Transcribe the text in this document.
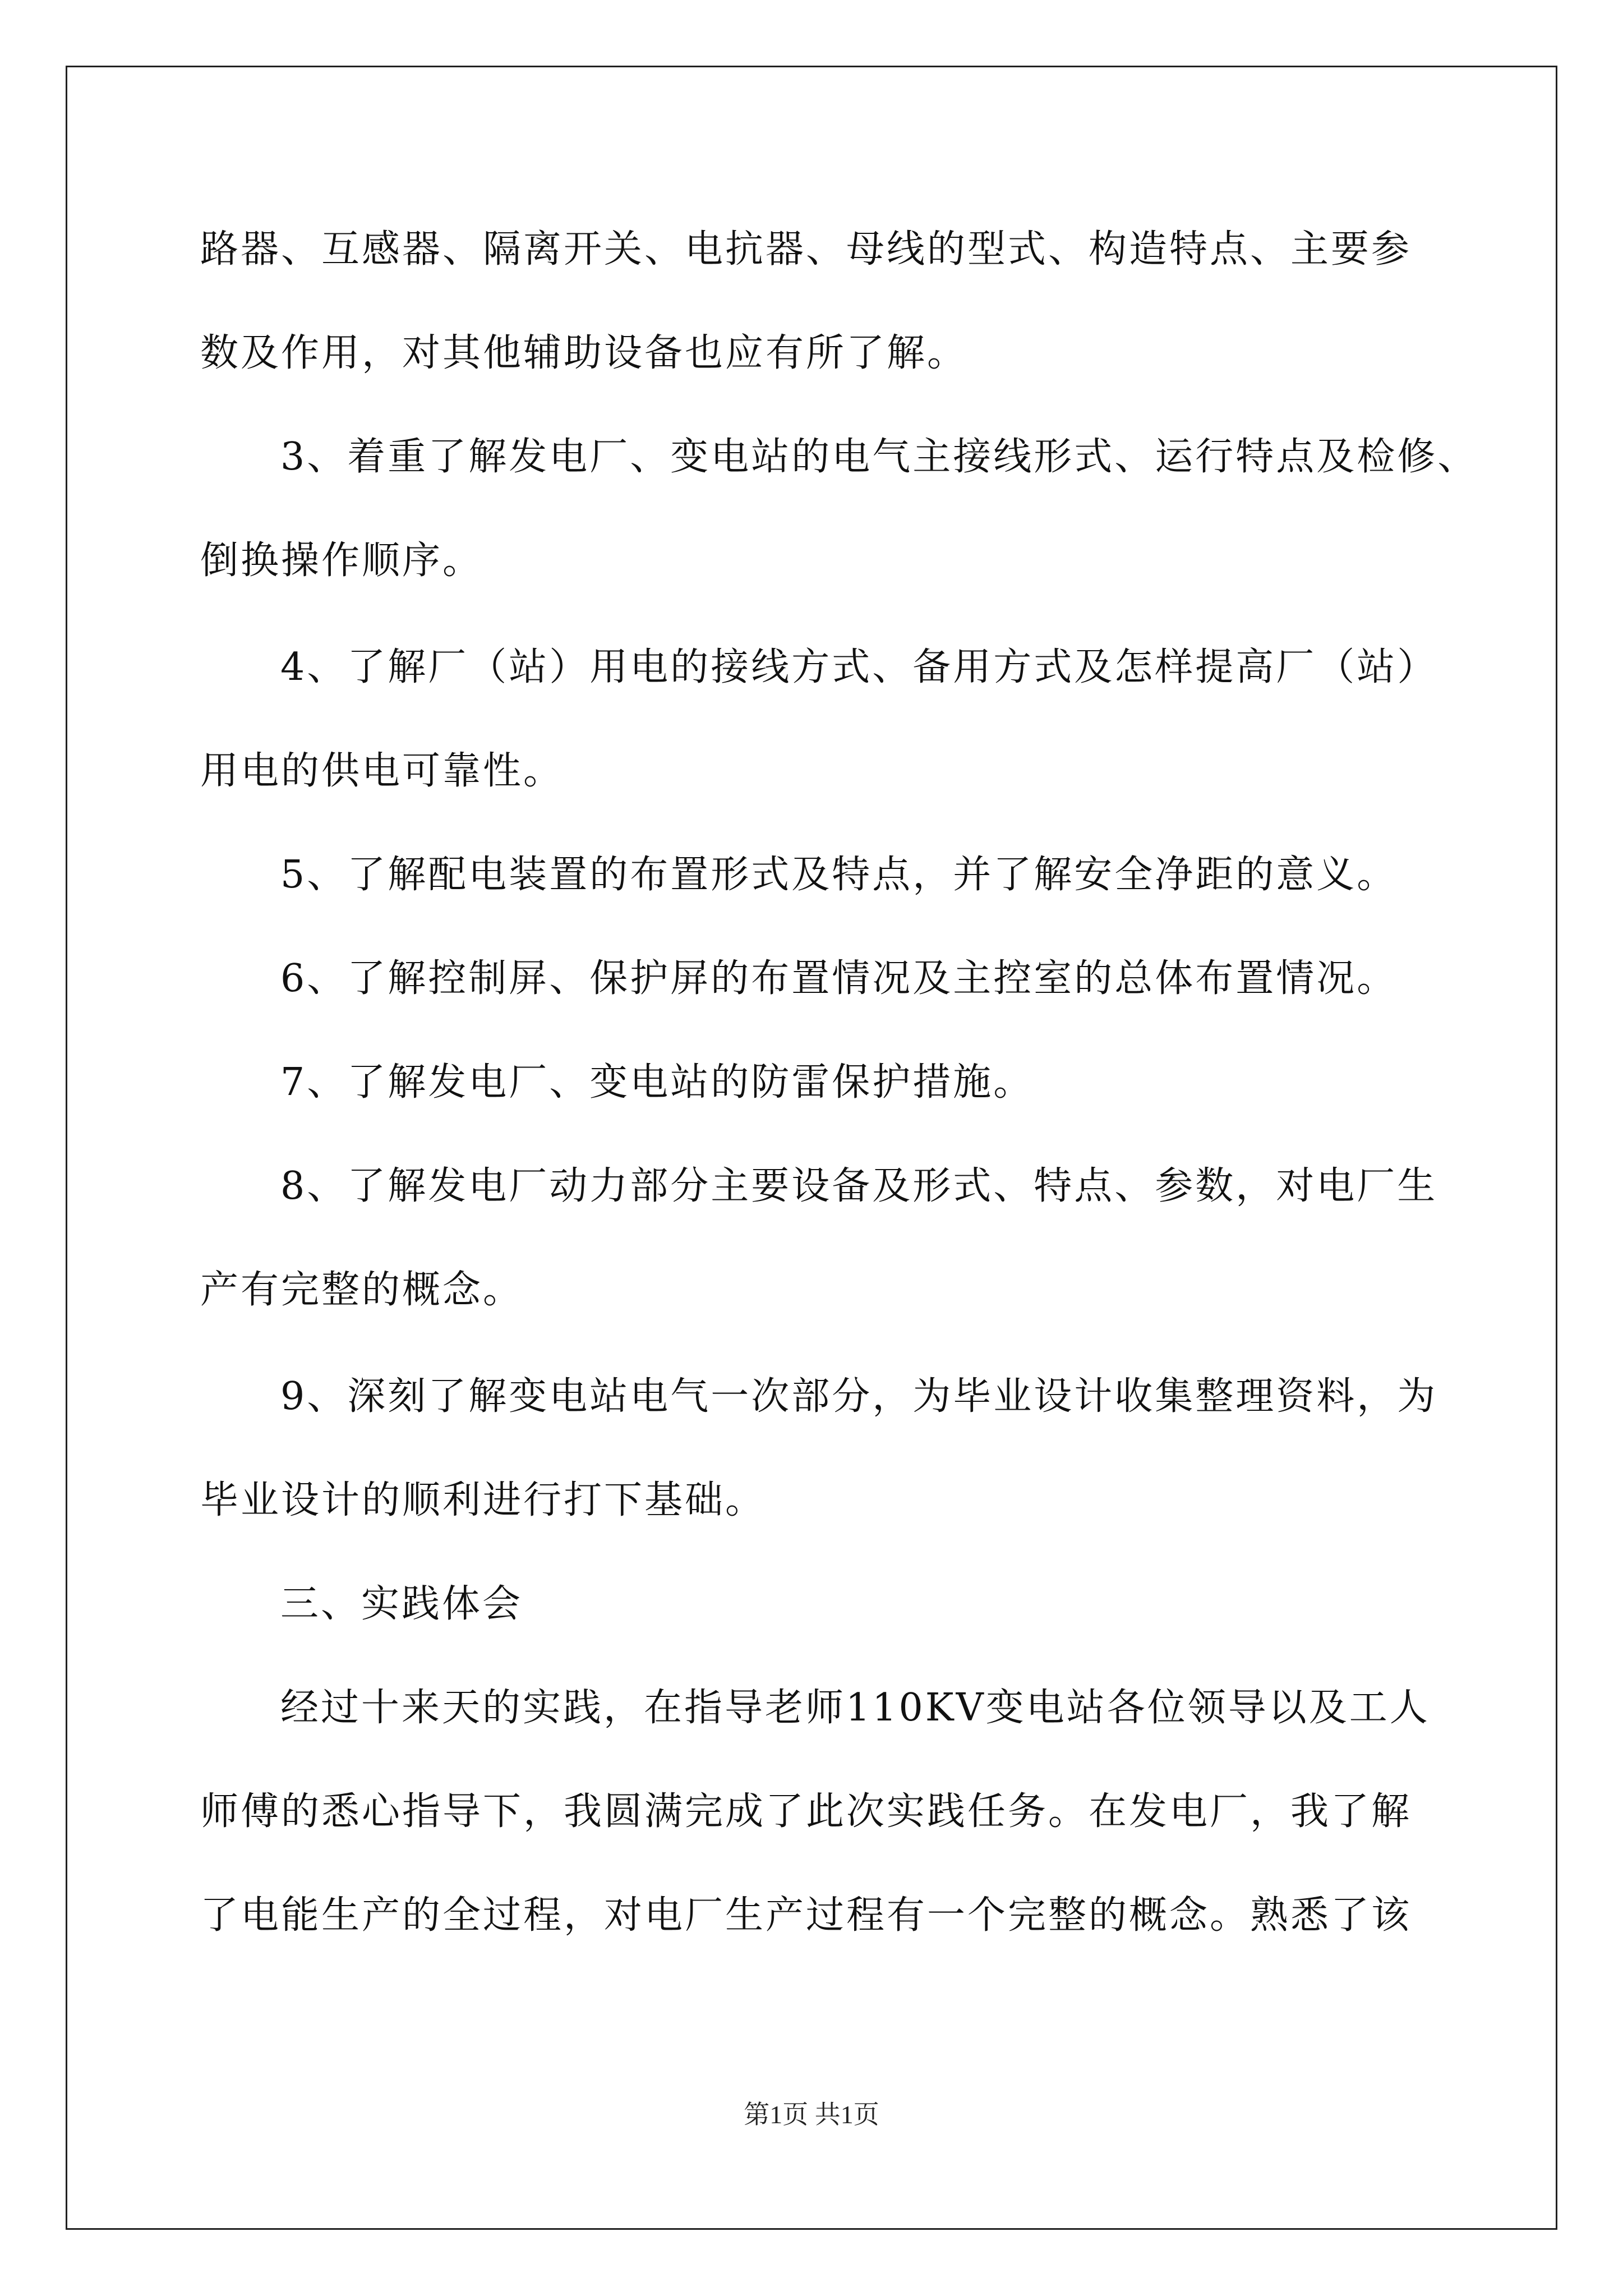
路器、互感器、隔离开关、电抗器、母线的型式、构造特点、主要参

数及作用，对其他辅助设备也应有所了解。

3、着重了解发电厂、变电站的电气主接线形式、运行特点及检修、

倒换操作顺序。

4、了解厂（站）用电的接线方式、备用方式及怎样提高厂（站）

用电的供电可靠性。

5、了解配电装置的布置形式及特点，并了解安全净距的意义。

6、了解控制屏、保护屏的布置情况及主控室的总体布置情况。

7、了解发电厂、变电站的防雷保护措施。

8、了解发电厂动力部分主要设备及形式、特点、参数，对电厂生

产有完整的概念。

9、深刻了解变电站电气一次部分，为毕业设计收集整理资料，为

毕业设计的顺利进行打下基础。

三、实践体会

经过十来天的实践，在指导老师110KV变电站各位领导以及工人

师傅的悉心指导下，我圆满完成了此次实践任务。在发电厂，我了解

了电能生产的全过程，对电厂生产过程有一个完整的概念。熟悉了该

第1页 共1页
